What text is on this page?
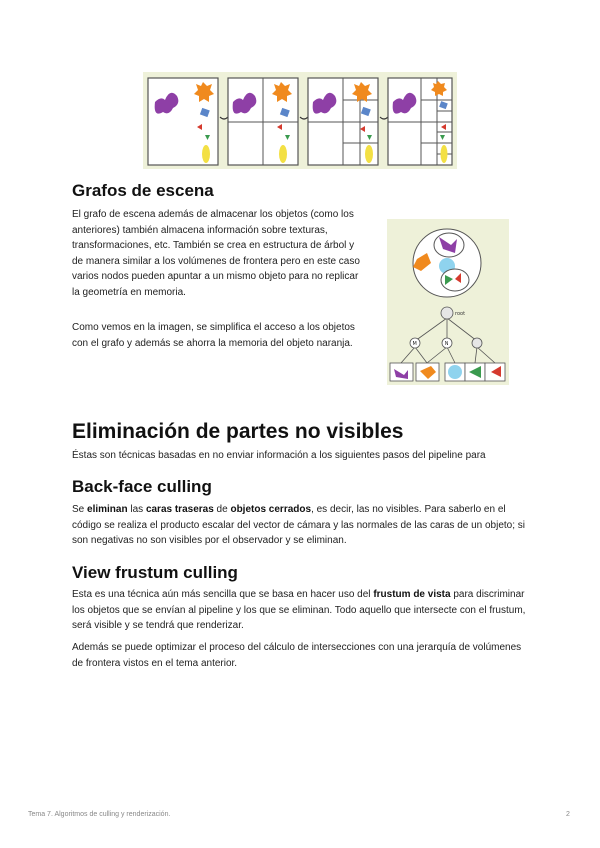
Grafos de escena

El grafo de escena además de almacenar los objetos (como los anteriores) también almacena información sobre texturas, transformaciones, etc. También se crea en estructura de árbol y de manera similar a los volúmenes de frontera pero en este caso varios nodos pueden apuntar a un mismo objeto para no replicar la geometría en memoria.

Como vemos en la imagen, se simplifica el acceso a los objetos con el grafo y además se ahorra la memoria del objeto naranja.

root
M	N
Eliminación de partes no visibles

Éstas son técnicas basadas en no enviar información a los siguientes pasos del pipeline para

Back-face culling

Se eliminan las caras traseras de objetos cerrados, es decir, las no visibles. Para saberlo en el código se realiza el producto escalar del vector de cámara y las normales de las caras de un objeto; si son negativas no son visibles por el observador y se eliminan.

View frustum culling

Esta es una técnica aún más sencilla que se basa en hacer uso del frustum de vista para discriminar los objetos que se envían al pipeline y los que se eliminan. Todo aquello que intersecte con el frustum, será visible y se tendrá que renderizar.

Además se puede optimizar el proceso del cálculo de intersecciones con una jerarquía de volúmenes de frontera vistos en el tema anterior.

Tema 7. Algoritmos de culling y renderización.	2
